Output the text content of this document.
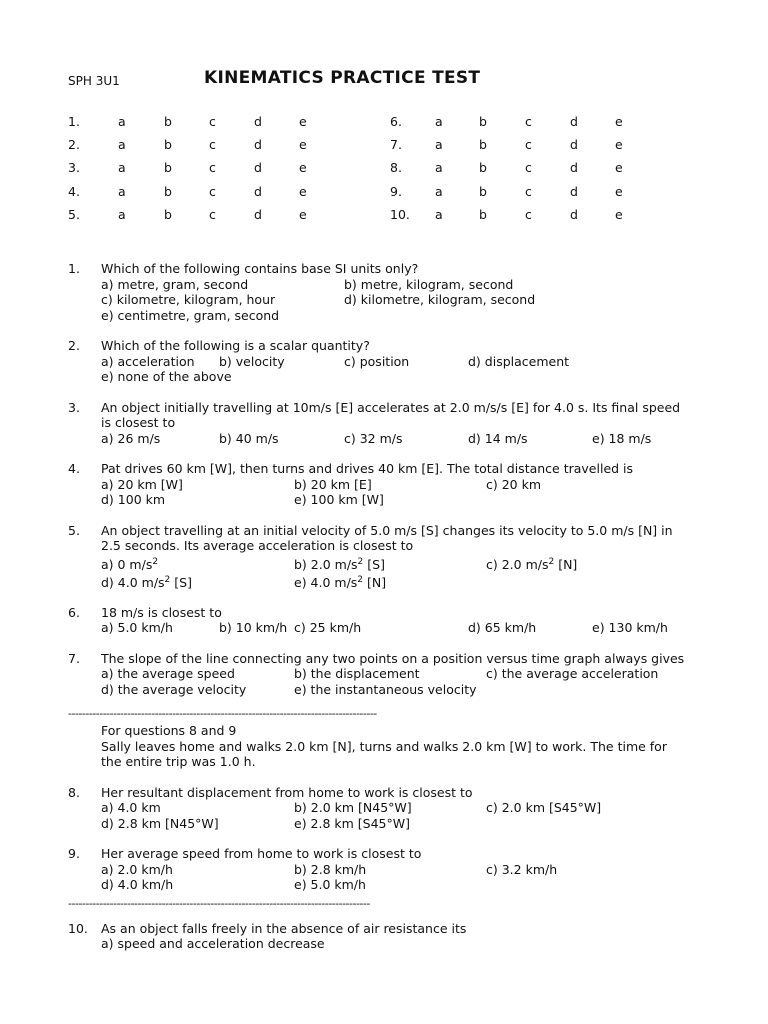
SPH 3U1	KINEMATICS PRACTICE TEST
1.	a	b	c	d	e	6.	a	b	c	d	e
2.	a	b	c	d	e	7.	a	b	c	d	e
3.	a	b	c	d	e	8.	a	b	c	d	e
4.	a	b	c	d	e	9.	a	b	c	d	e
5.	a	b	c	d	e	10. a	b	c	d	e
1. Which of the following contains base SI units only?
a) metre, gram, second	b) metre, kilogram, second
c) kilometre, kilogram, hour	d) kilometre, kilogram, second
e) centimetre, gram, second
2. Which of the following is a scalar quantity?
a) acceleration b) velocity	c) position	d) displacement
e) none of the above
3. An object initially travelling at 10m/s [E] accelerates at 2.0 m/s/s [E] for 4.0 s. Its final speed
is closest to
a) 26 m/s	b) 40 m/s	c) 32 m/s	d) 14 m/s	e) 18 m/s
4. Pat drives 60 km [W], then turns and drives 40 km [E]. The total distance travelled is
a) 20 km [W]	b) 20 km [E]	c) 20 km
d) 100 km	e) 100 km [W]
5. An object travelling at an initial velocity of 5.0 m/s [S] changes its velocity to 5.0 m/s [N] in
2.5 seconds. Its average acceleration is closest to
a) 0 $m/s^2$	b) 2.0 $m/s^2$ [S]	c) 2.0 $m/s^2$ [N]
d) 4.0 $m/s^2$ [S]	e) 4.0 $m/s^2$ [N]
6. 18 m/s is closest to
a) 5.0 km/h	b) 10 km/h c) 25 km/h	d) 65 km/h	e) 130 km/h
7. The slope of the line connecting any two points on a position versus time graph always gives
a) the average speed	b) the displacement	c) the average acceleration
d) the average velocity	e) the instantaneous velocity
-----------------------------------------------------------------------------------------
For questions 8 and 9
Sally leaves home and walks 2.0 km [N], turns and walks 2.0 km [W] to work. The time for
the entire trip was 1.0 h.
8. Her resultant displacement from home to work is closest to
a) 4.0 km	b) 2.0 km [N45°W]	c) 2.0 km [S45°W]
d) 2.8 km [N45°W]	e) 2.8 km [S45°W]
9. Her average speed from home to work is closest to
a) 2.0 km/h	b) 2.8 km/h	c) 3.2 km/h
d) 4.0 km/h	e) 5.0 km/h
---------------------------------------------------------------------------------------
10. As an object falls freely in the absence of air resistance its
a) speed and acceleration decrease
